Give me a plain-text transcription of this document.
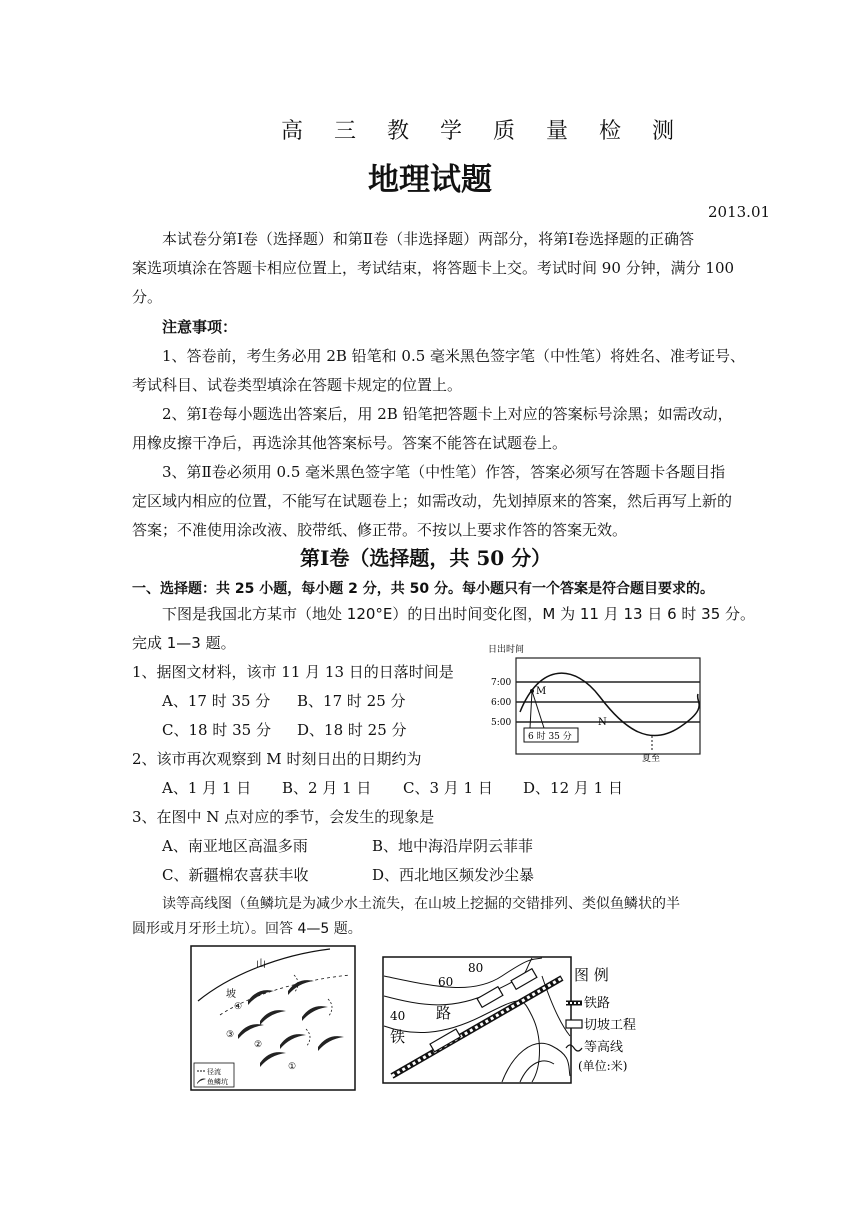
高 三 教 学 质 量 检 测
地理试题
2013.01
本试卷分第Ⅰ卷（选择题）和第Ⅱ卷（非选择题）两部分，将第Ⅰ卷选择题的正确答
案选项填涂在答题卡相应位置上，考试结束，将答题卡上交。考试时间 90 分钟，满分 100
分。
注意事项：
1、答卷前，考生务必用 2B 铅笔和 0.5 毫米黑色签字笔（中性笔）将姓名、准考证号、
考试科目、试卷类型填涂在答题卡规定的位置上。
2、第Ⅰ卷每小题选出答案后，用 2B 铅笔把答题卡上对应的答案标号涂黑；如需改动，
用橡皮擦干净后，再选涂其他答案标号。答案不能答在试题卷上。
3、第Ⅱ卷必须用 0.5 毫米黑色签字笔（中性笔）作答，答案必须写在答题卡各题目指
定区域内相应的位置，不能写在试题卷上；如需改动，先划掉原来的答案，然后再写上新的
答案；不准使用涂改液、胶带纸、修正带。不按以上要求作答的答案无效。
第Ⅰ卷（选择题，共 50 分）
一、选择题：共 25 小题，每小题 2 分，共 50 分。每小题只有一个答案是符合题目要求的。
下图是我国北方某市（地处 120°E）的日出时间变化图，M 为 11 月 13 日 6 时 35 分。
完成 1—3 题。
1、据图文材料，该市 11 月 13 日的日落时间是
A、17 时 35 分 B、17 时 25 分
C、18 时 35 分 D、18 时 25 分
2、该市再次观察到 M 时刻日出的日期约为
A、1 月 1 日 B、2 月 1 日 C、3 月 1 日 D、12 月 1 日
3、在图中 N 点对应的季节，会发生的现象是
A、南亚地区高温多雨	B、地中海沿岸阴云菲菲
C、新疆棉农喜获丰收	D、西北地区频发沙尘暴
读等高线图（鱼鳞坑是为减少水土流失，在山坡上挖掘的交错排列、类似鱼鳞状的半
圆形或月牙形土坑）。回答 4—5 题。
日出时间
7:00
6:00
5:00
M
N
6 时 35 分
夏至
山
坡
④
③
②
①
径流
鱼鳞坑
80
60
40 路
铁
图 例
铁路
切坡工程
等高线
(单位:米)
